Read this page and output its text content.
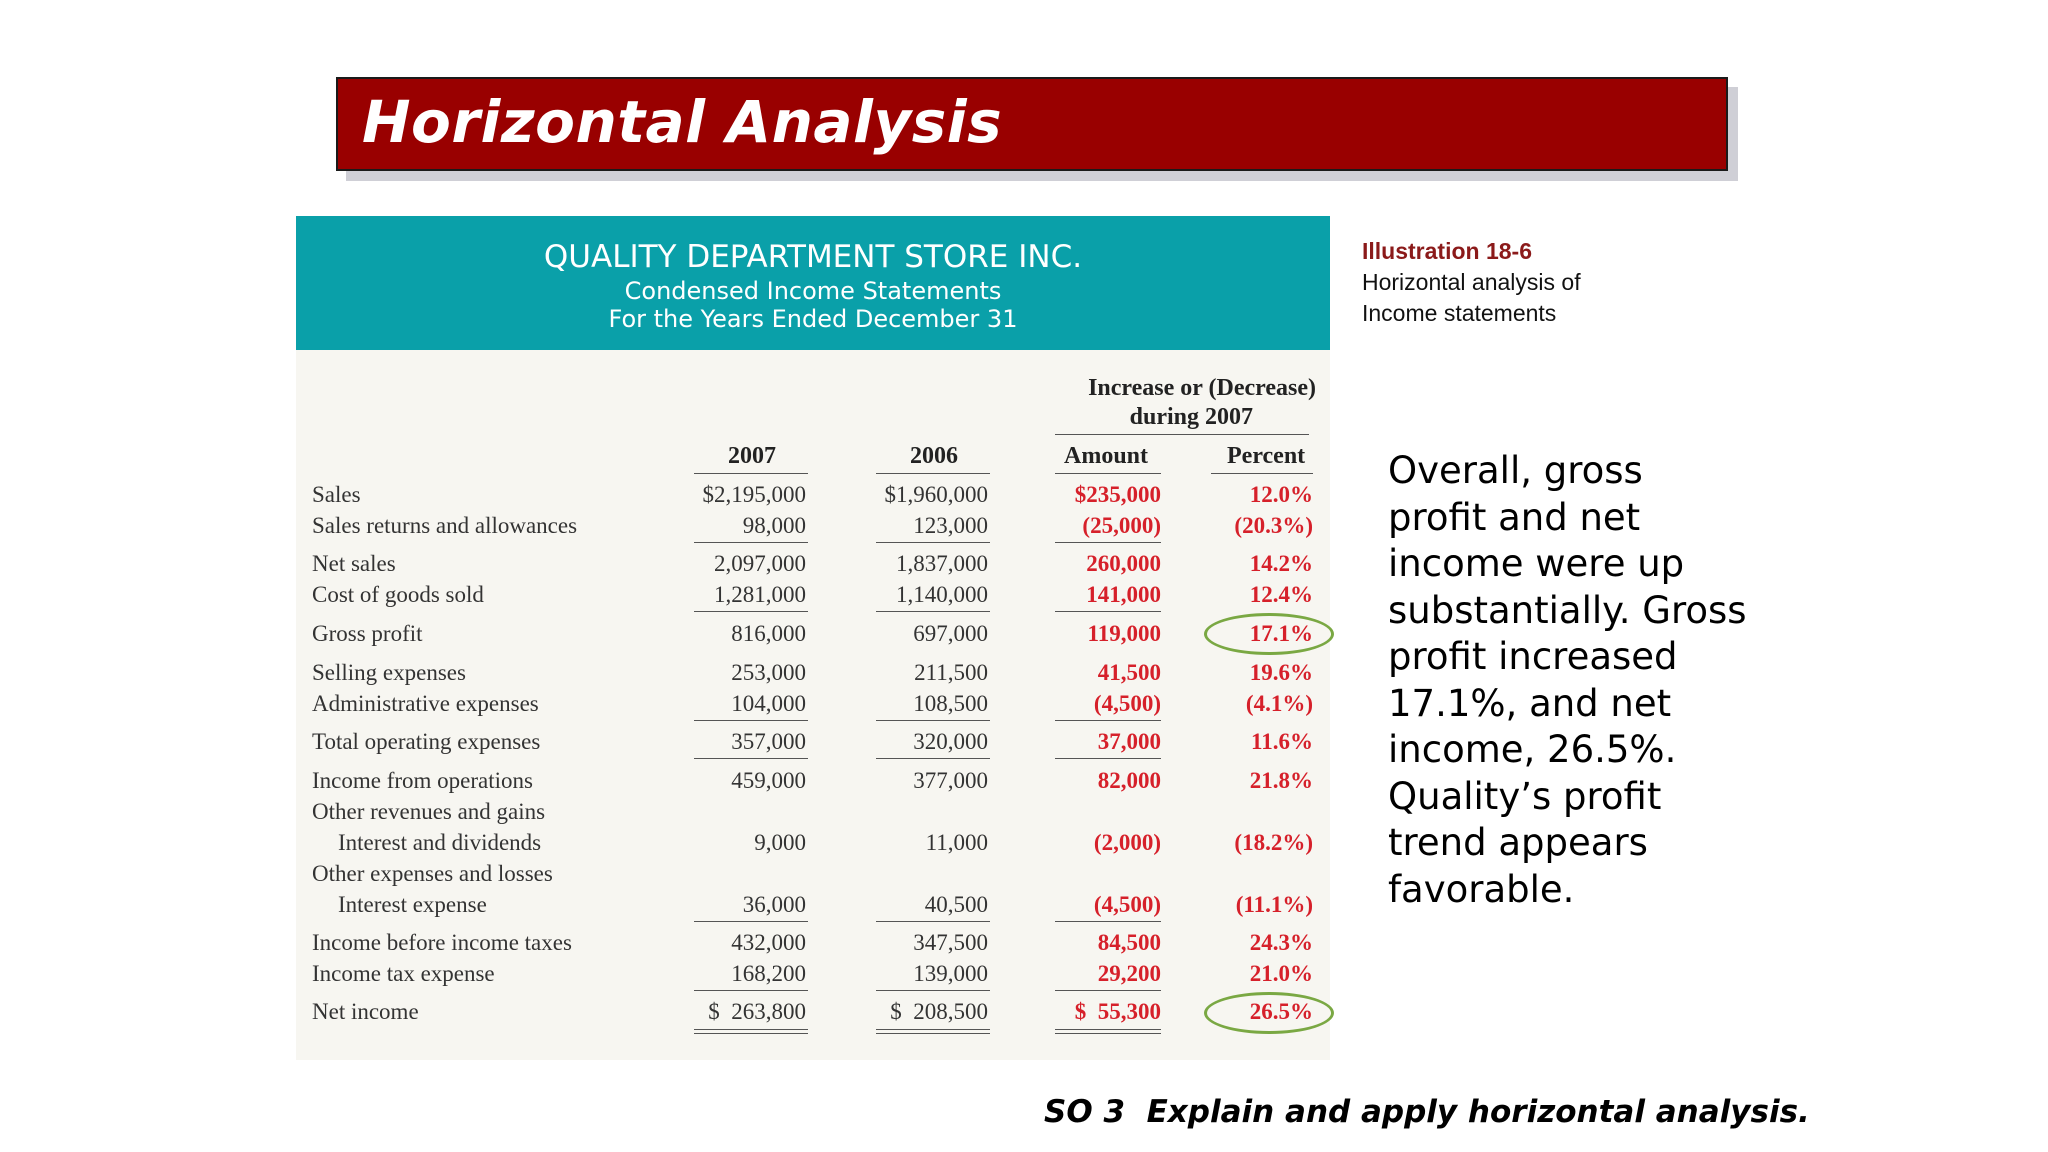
Horizontal Analysis
QUALITY DEPARTMENT STORE INC.
Condensed Income Statements
For the Years Ended December 31
Increase or (Decrease)
during 2007
2007	2006	Amount	Percent
Sales	$2,195,000	$1,960,000	$235,000	12.0%
Sales returns and allowances	98,000	123,000	(25,000)	(20.3%)
Net sales	2,097,000	1,837,000	260,000	14.2%
Cost of goods sold	1,281,000	1,140,000	141,000	12.4%
Gross profit	816,000	697,000	119,000	17.1%
Selling expenses	253,000	211,500	41,500	19.6%
Administrative expenses	104,000	108,500	(4,500)	(4.1%)
Total operating expenses	357,000	320,000	37,000	11.6%
Income from operations	459,000	377,000	82,000	21.8%
Other revenues and gains
Interest and dividends	9,000	11,000	(2,000)	(18.2%)
Other expenses and losses
Interest expense	36,000	40,500	(4,500)	(11.1%)
Income before income taxes	432,000	347,500	84,500	24.3%
Income tax expense	168,200	139,000	29,200	21.0%
Net income	$  263,800	$  208,500	$  55,300	26.5%
Illustration 18-6
Horizontal analysis of
Income statements
Overall, gross
profit and net
income were up
substantially. Gross
profit increased
17.1%, and net
income, 26.5%.
Quality’s profit
trend appears
favorable.
SO 3  Explain and apply horizontal analysis.
